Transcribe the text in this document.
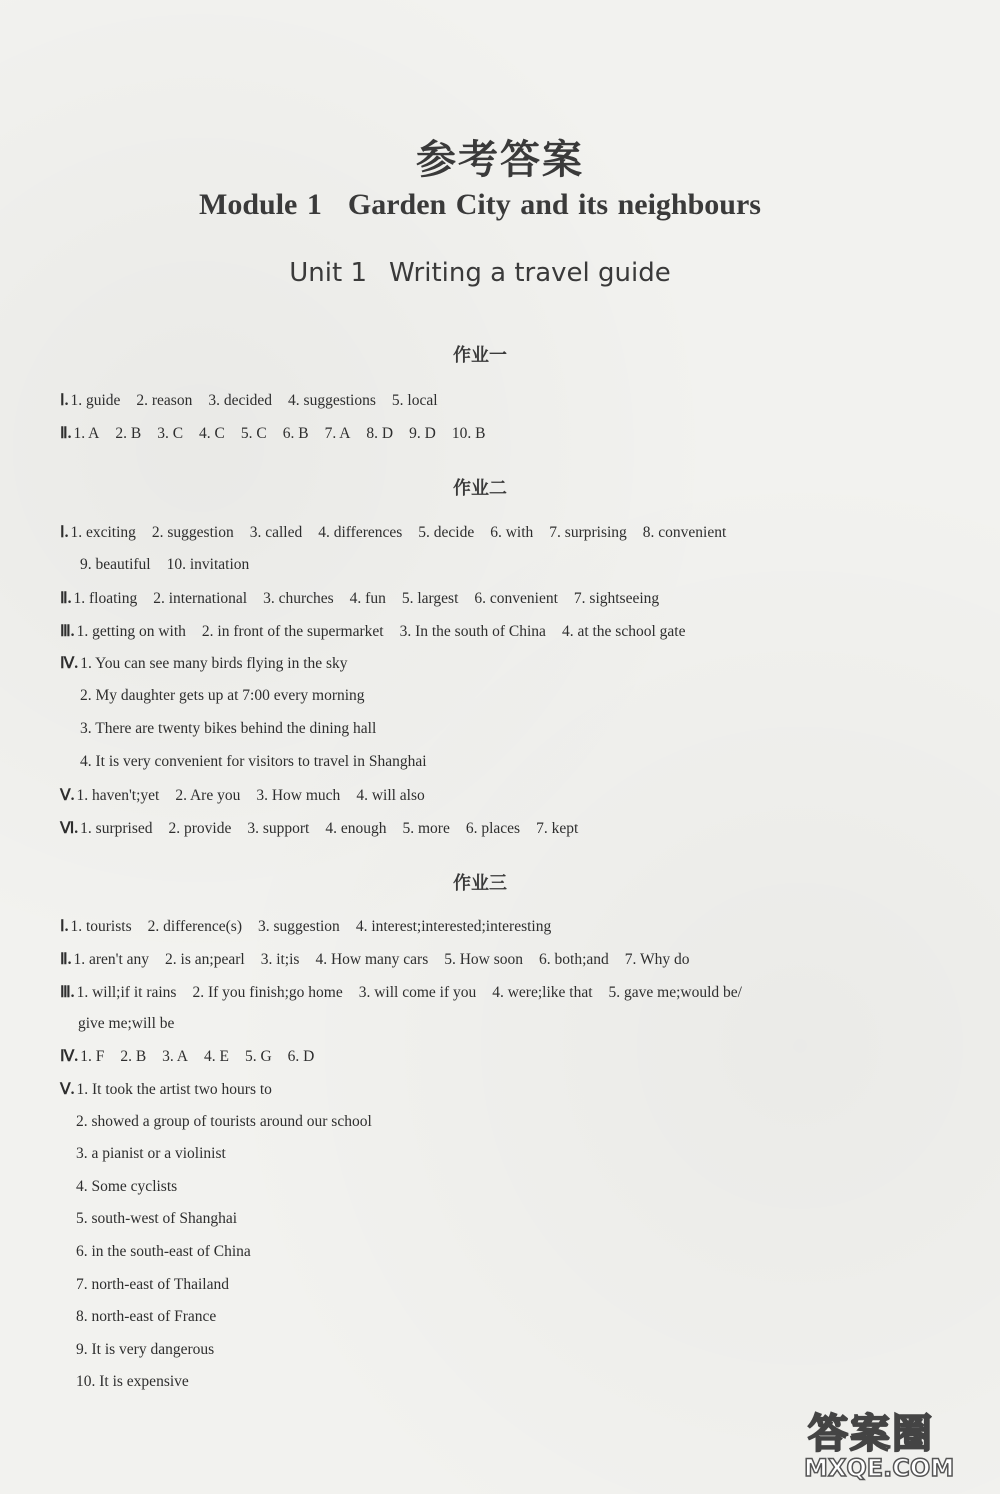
参考答案
Module 1 Garden City and its neighbours
Unit 1 Writing a travel guide
作业一
Ⅰ. 1. guide 2. reason 3. decided 4. suggestions 5. local
Ⅱ. 1. A 2. B 3. C 4. C 5. C 6. B 7. A 8. D 9. D 10. B
作业二
Ⅰ. 1. exciting 2. suggestion 3. called 4. differences 5. decide 6. with 7. surprising 8. convenient
9. beautiful 10. invitation
Ⅱ. 1. floating 2. international 3. churches 4. fun 5. largest 6. convenient 7. sightseeing
Ⅲ. 1. getting on with 2. in front of the supermarket 3. In the south of China 4. at the school gate
Ⅳ. 1. You can see many birds flying in the sky
2. My daughter gets up at 7:00 every morning
3. There are twenty bikes behind the dining hall
4. It is very convenient for visitors to travel in Shanghai
Ⅴ. 1. haven't;yet 2. Are you 3. How much 4. will also
Ⅵ. 1. surprised 2. provide 3. support 4. enough 5. more 6. places 7. kept
作业三
Ⅰ. 1. tourists 2. difference(s) 3. suggestion 4. interest;interested;interesting
Ⅱ. 1. aren't any 2. is an;pearl 3. it;is 4. How many cars 5. How soon 6. both;and 7. Why do
Ⅲ. 1. will;if it rains 2. If you finish;go home 3. will come if you 4. were;like that 5. gave me;would be/
give me;will be
Ⅳ. 1. F 2. B 3. A 4. E 5. G 6. D
Ⅴ. 1. It took the artist two hours to
答案圈
MXQE.COM
2. showed a group of tourists around our school
3. a pianist or a violinist
4. Some cyclists
5. south-west of Shanghai
6. in the south-east of China
7. north-east of Thailand
8. north-east of France
9. It is very dangerous
10. It is expensive
